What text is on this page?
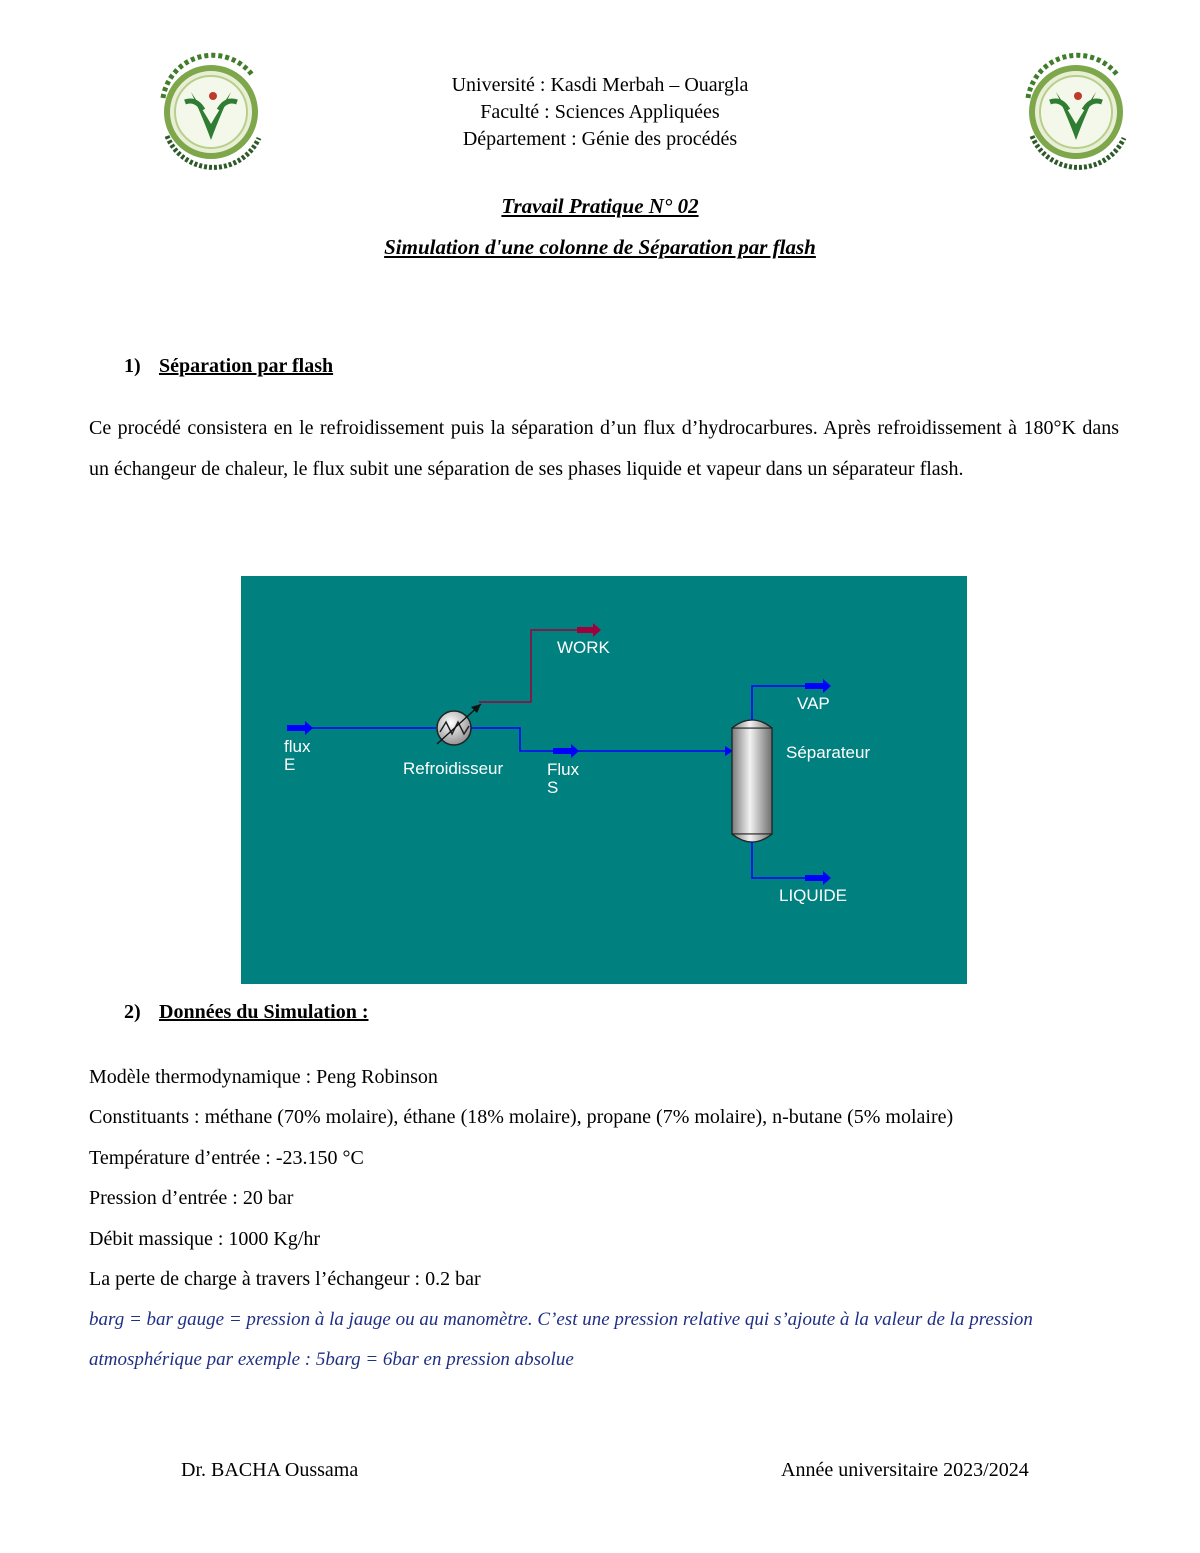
Université : Kasdi Merbah – Ouargla
Faculté : Sciences Appliquées
Département : Génie des procédés
Travail Pratique N° 02
Simulation d'une colonne de Séparation par flash
1) Séparation par flash
Ce procédé consistera en le refroidissement puis la séparation d’un flux d’hydrocarbures. Après refroidissement à 180°K dans un échangeur de chaleur, le flux subit une séparation de ses phases liquide et vapeur dans un séparateur flash.
flux
E	Refroidisseur
WORK
Flux
S
Séparateur
VAP
LIQUIDE
2) Données du Simulation :
Modèle thermodynamique : Peng Robinson
Constituants : méthane (70% molaire), éthane (18% molaire), propane (7% molaire), n-butane (5% molaire)
Température d’entrée : -23.150 °C
Pression d’entrée : 20 bar
Débit massique : 1000 Kg/hr
La perte de charge à travers l’échangeur : 0.2 bar
barg = bar gauge = pression à la jauge ou au manomètre. C’est une pression relative qui s’ajoute à la valeur de la pression atmosphérique par exemple : 5barg = 6bar en pression absolue
Dr. BACHA Oussama	Année universitaire 2023/2024
